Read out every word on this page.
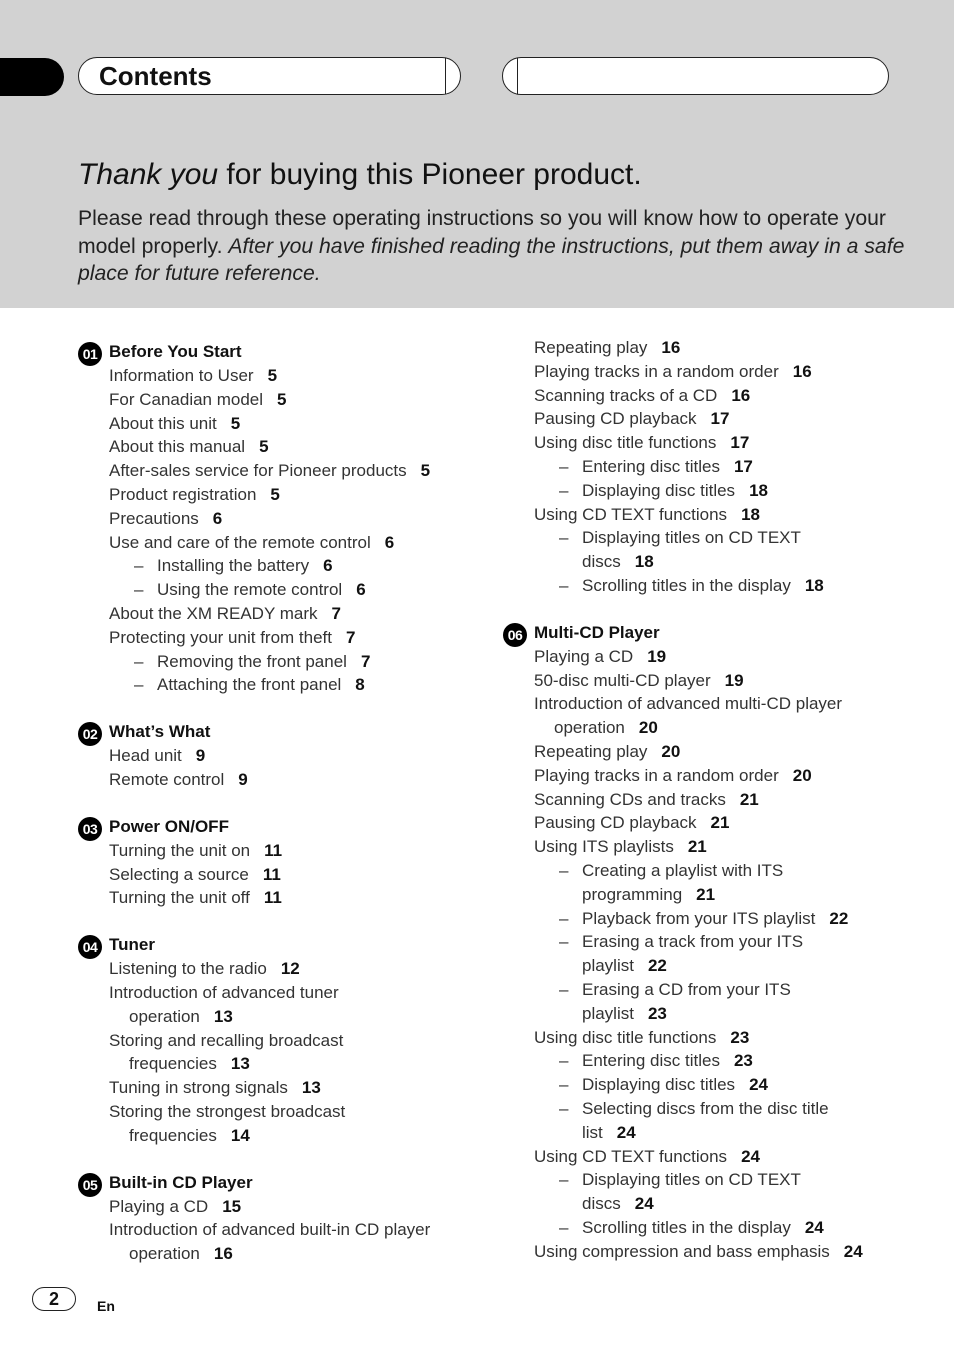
Contents
Thank you for buying this Pioneer product.
Please read through these operating instructions so you will know how to operate your model properly. After you have finished reading the instructions, put them away in a safe place for future reference.
01 Before You Start
Information to User 5
For Canadian model 5
About this unit 5
About this manual 5
After-sales service for Pioneer products 5
Product registration 5
Precautions 6
Use and care of the remote control 6
– Installing the battery 6
– Using the remote control 6
About the XM READY mark 7
Protecting your unit from theft 7
– Removing the front panel 7
– Attaching the front panel 8
02 What’s What
Head unit 9
Remote control 9
03 Power ON/OFF
Turning the unit on 11
Selecting a source 11
Turning the unit off 11
04 Tuner
Listening to the radio 12
Introduction of advanced tuner
operation 13
Storing and recalling broadcast
frequencies 13
Tuning in strong signals 13
Storing the strongest broadcast
frequencies 14
05 Built-in CD Player
Playing a CD 15
Introduction of advanced built-in CD player
operation 16
Repeating play 16
Playing tracks in a random order 16
Scanning tracks of a CD 16
Pausing CD playback 17
Using disc title functions 17
– Entering disc titles 17
– Displaying disc titles 18
Using CD TEXT functions 18
– Displaying titles on CD TEXT
discs 18
– Scrolling titles in the display 18
06 Multi-CD Player
Playing a CD 19
50-disc multi-CD player 19
Introduction of advanced multi-CD player
operation 20
Repeating play 20
Playing tracks in a random order 20
Scanning CDs and tracks 21
Pausing CD playback 21
Using ITS playlists 21
– Creating a playlist with ITS
programming 21
– Playback from your ITS playlist 22
– Erasing a track from your ITS
playlist 22
– Erasing a CD from your ITS
playlist 23
Using disc title functions 23
– Entering disc titles 23
– Displaying disc titles 24
– Selecting discs from the disc title
list 24
Using CD TEXT functions 24
– Displaying titles on CD TEXT
discs 24
– Scrolling titles in the display 24
Using compression and bass emphasis 24
2	En
